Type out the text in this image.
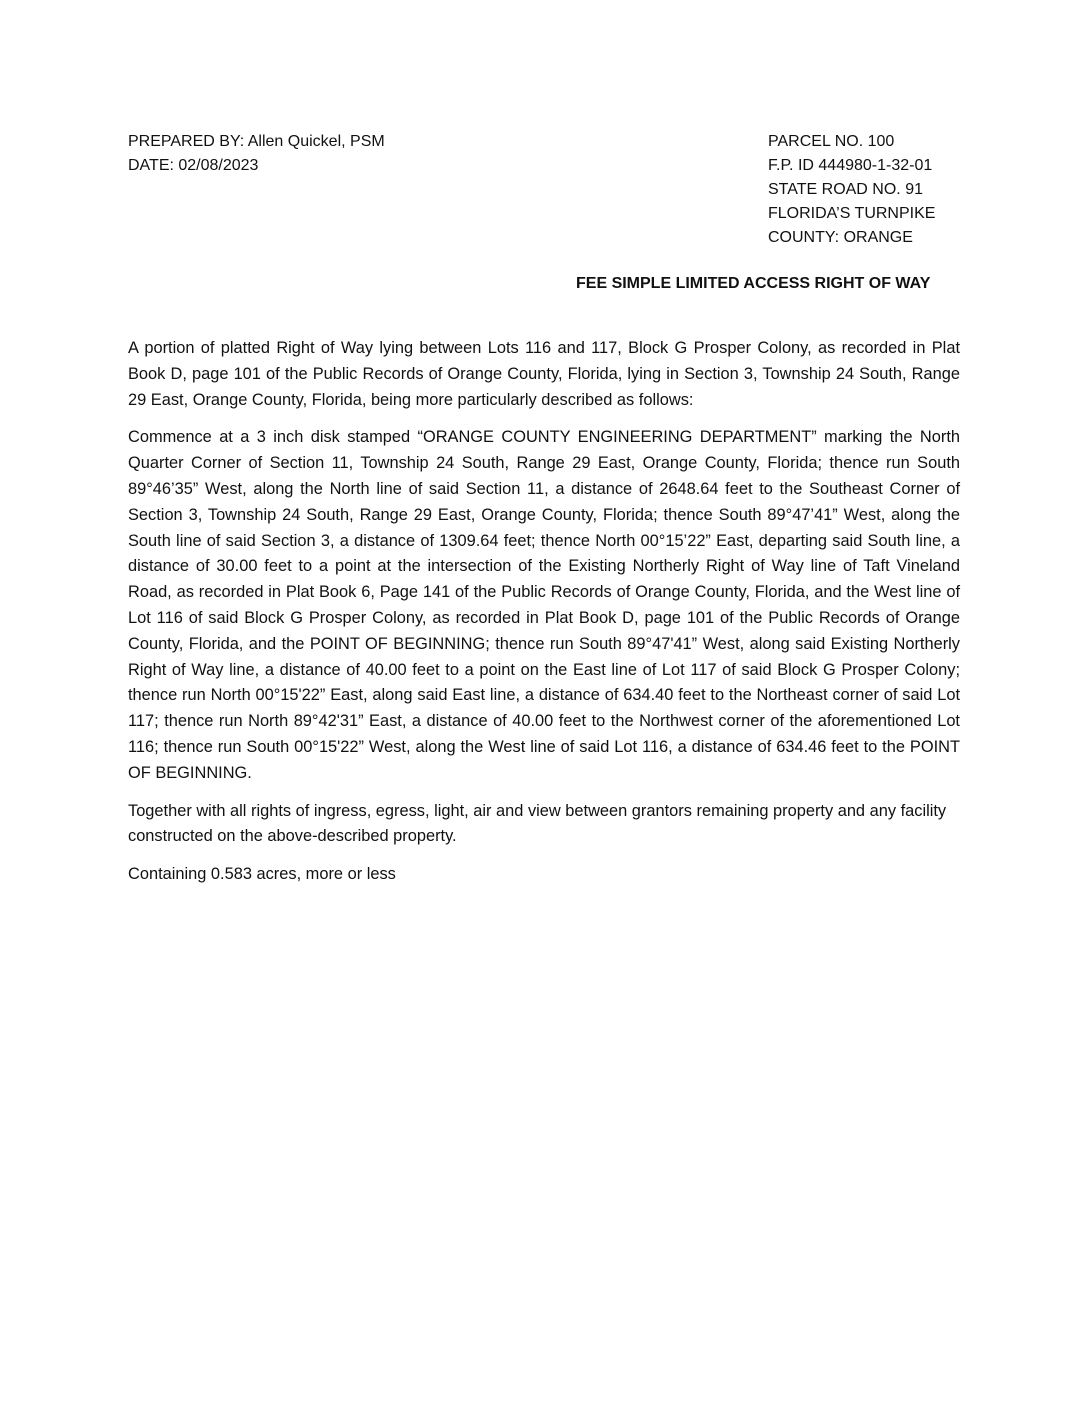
PREPARED BY: Allen Quickel, PSM
DATE: 02/08/2023
PARCEL NO. 100
F.P. ID 444980-1-32-01
STATE ROAD NO. 91
FLORIDA’S TURNPIKE
COUNTY: ORANGE
FEE SIMPLE LIMITED ACCESS RIGHT OF WAY

A portion of platted Right of Way lying between Lots 116 and 117, Block G Prosper Colony, as recorded in Plat Book D, page 101 of the Public Records of Orange County, Florida, lying in Section 3, Township 24 South, Range 29 East, Orange County, Florida, being more particularly described as follows:

Commence at a 3 inch disk stamped “ORANGE COUNTY ENGINEERING DEPARTMENT” marking the North Quarter Corner of Section 11, Township 24 South, Range 29 East, Orange County, Florida; thence run South 89°46’35” West, along the North line of said Section 11, a distance of 2648.64 feet to the Southeast Corner of Section 3, Township 24 South, Range 29 East, Orange County, Florida; thence South 89°47’41” West, along the South line of said Section 3, a distance of 1309.64 feet; thence North 00°15’22” East, departing said South line, a distance of 30.00 feet to a point at the intersection of the Existing Northerly Right of Way line of Taft Vineland Road, as recorded in Plat Book 6, Page 141 of the Public Records of Orange County, Florida, and the West line of Lot 116 of said Block G Prosper Colony, as recorded in Plat Book D, page 101 of the Public Records of Orange County, Florida, and the POINT OF BEGINNING; thence run South 89°47'41” West, along said Existing Northerly Right of Way line, a distance of 40.00 feet to a point on the East line of Lot 117 of said Block G Prosper Colony; thence run North 00°15'22” East, along said East line, a distance of 634.40 feet to the Northeast corner of said Lot 117; thence run North 89°42'31” East, a distance of 40.00 feet to the Northwest corner of the aforementioned Lot 116; thence run South 00°15'22” West, along the West line of said Lot 116, a distance of 634.46 feet to the POINT OF BEGINNING.

Together with all rights of ingress, egress, light, air and view between grantors remaining property and any facility constructed on the above-described property.

Containing 0.583 acres, more or less
